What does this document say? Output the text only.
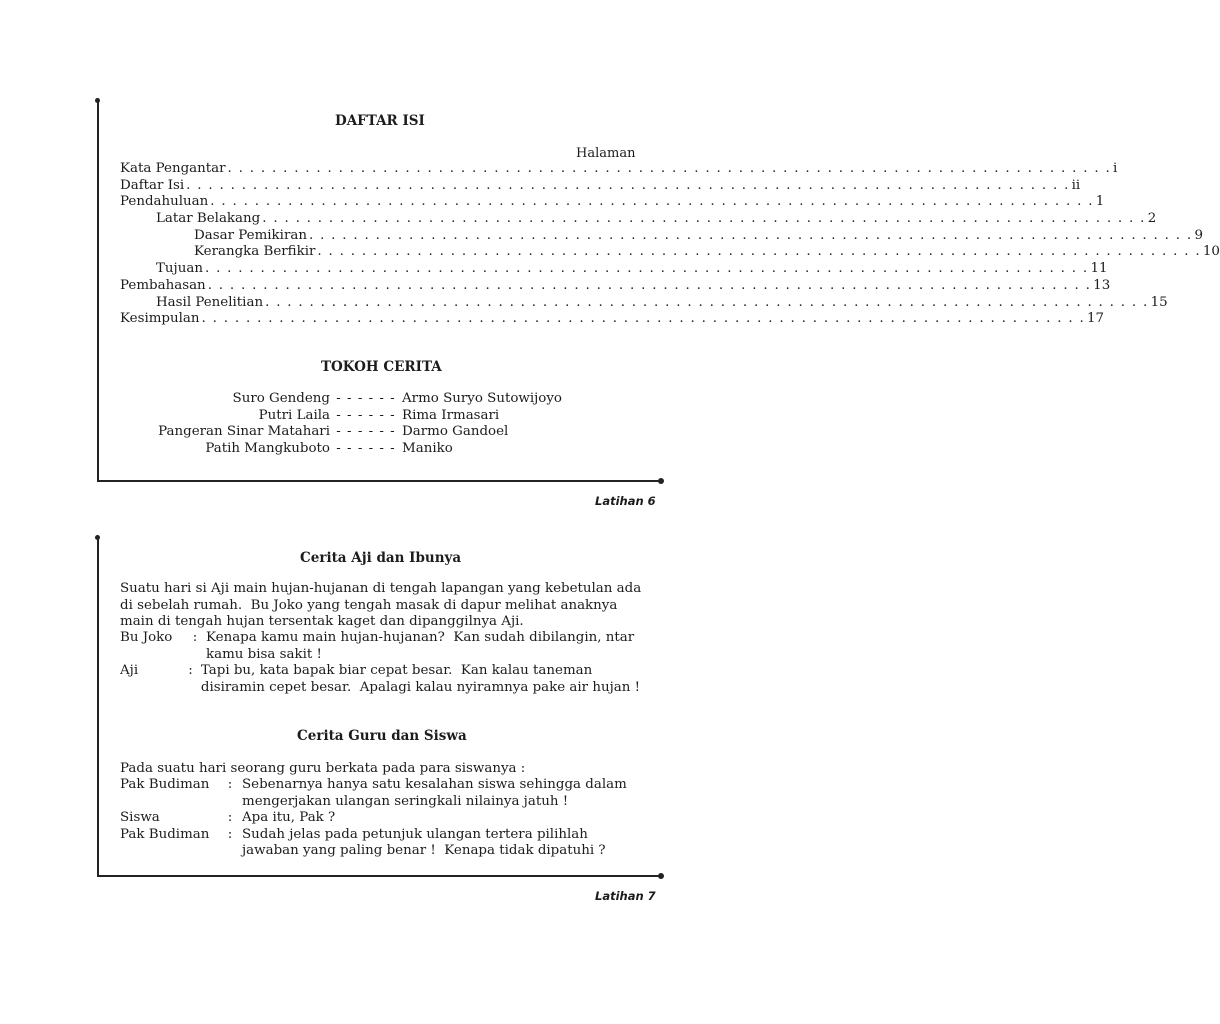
DAFTAR ISI
Halaman
Kata Pengantar . . . . . . . . . . . . . . . . . . . . . . . . . . . . . . . . . . . . . . . . . . . . . . . . . . . . . . . . . . . . . . . . . . . . . . . . . . . . . . . . i
Daftar Isi . . . . . . . . . . . . . . . . . . . . . . . . . . . . . . . . . . . . . . . . . . . . . . . . . . . . . . . . . . . . . . . . . . . . . . . . . . . . . . . . ii
Pendahuluan . . . . . . . . . . . . . . . . . . . . . . . . . . . . . . . . . . . . . . . . . . . . . . . . . . . . . . . . . . . . . . . . . . . . . . . . . . . . . . . . 1
Latar Belakang . . . . . . . . . . . . . . . . . . . . . . . . . . . . . . . . . . . . . . . . . . . . . . . . . . . . . . . . . . . . . . . . . . . . . . . . . . . . . . . . 2
Dasar Pemikiran . . . . . . . . . . . . . . . . . . . . . . . . . . . . . . . . . . . . . . . . . . . . . . . . . . . . . . . . . . . . . . . . . . . . . . . . . . . . . . . . 9
Kerangka Berfikir . . . . . . . . . . . . . . . . . . . . . . . . . . . . . . . . . . . . . . . . . . . . . . . . . . . . . . . . . . . . . . . . . . . . . . . . . . . . . . . . 10
Tujuan . . . . . . . . . . . . . . . . . . . . . . . . . . . . . . . . . . . . . . . . . . . . . . . . . . . . . . . . . . . . . . . . . . . . . . . . . . . . . . . . 11
Pembahasan . . . . . . . . . . . . . . . . . . . . . . . . . . . . . . . . . . . . . . . . . . . . . . . . . . . . . . . . . . . . . . . . . . . . . . . . . . . . . . . . 13
Hasil Penelitian . . . . . . . . . . . . . . . . . . . . . . . . . . . . . . . . . . . . . . . . . . . . . . . . . . . . . . . . . . . . . . . . . . . . . . . . . . . . . . . . 15
Kesimpulan . . . . . . . . . . . . . . . . . . . . . . . . . . . . . . . . . . . . . . . . . . . . . . . . . . . . . . . . . . . . . . . . . . . . . . . . . . . . . . . . 17
TOKOH CERITA
Suro Gendeng - - - - - - Armo Suryo Sutowijoyo
Putri Laila - - - - - - Rima Irmasari
Pangeran Sinar Matahari - - - - - - Darmo Gandoel
Patih Mangkuboto - - - - - - Maniko
Latihan 6
Cerita Aji dan Ibunya
Suatu hari si Aji main hujan-hujanan di tengah lapangan yang kebetulan ada
di sebelah rumah.  Bu Joko yang tengah masak di dapur melihat anaknya
main di tengah hujan tersentak kaget dan dipanggilnya Aji.
Bu Joko	: Kenapa kamu main hujan-hujanan?  Kan sudah dibilangin, ntar
kamu bisa sakit !
Aji	: Tapi bu, kata bapak biar cepat besar.  Kan kalau taneman
disiramin cepet besar.  Apalagi kalau nyiramnya pake air hujan !
Cerita Guru dan Siswa
Pada suatu hari seorang guru berkata pada para siswanya :
Pak Budiman	: Sebenarnya hanya satu kesalahan siswa sehingga dalam
mengerjakan ulangan seringkali nilainya jatuh !
Siswa	: Apa itu, Pak ?
Pak Budiman	: Sudah jelas pada petunjuk ulangan tertera pilihlah
jawaban yang paling benar !  Kenapa tidak dipatuhi ?
Latihan 7
